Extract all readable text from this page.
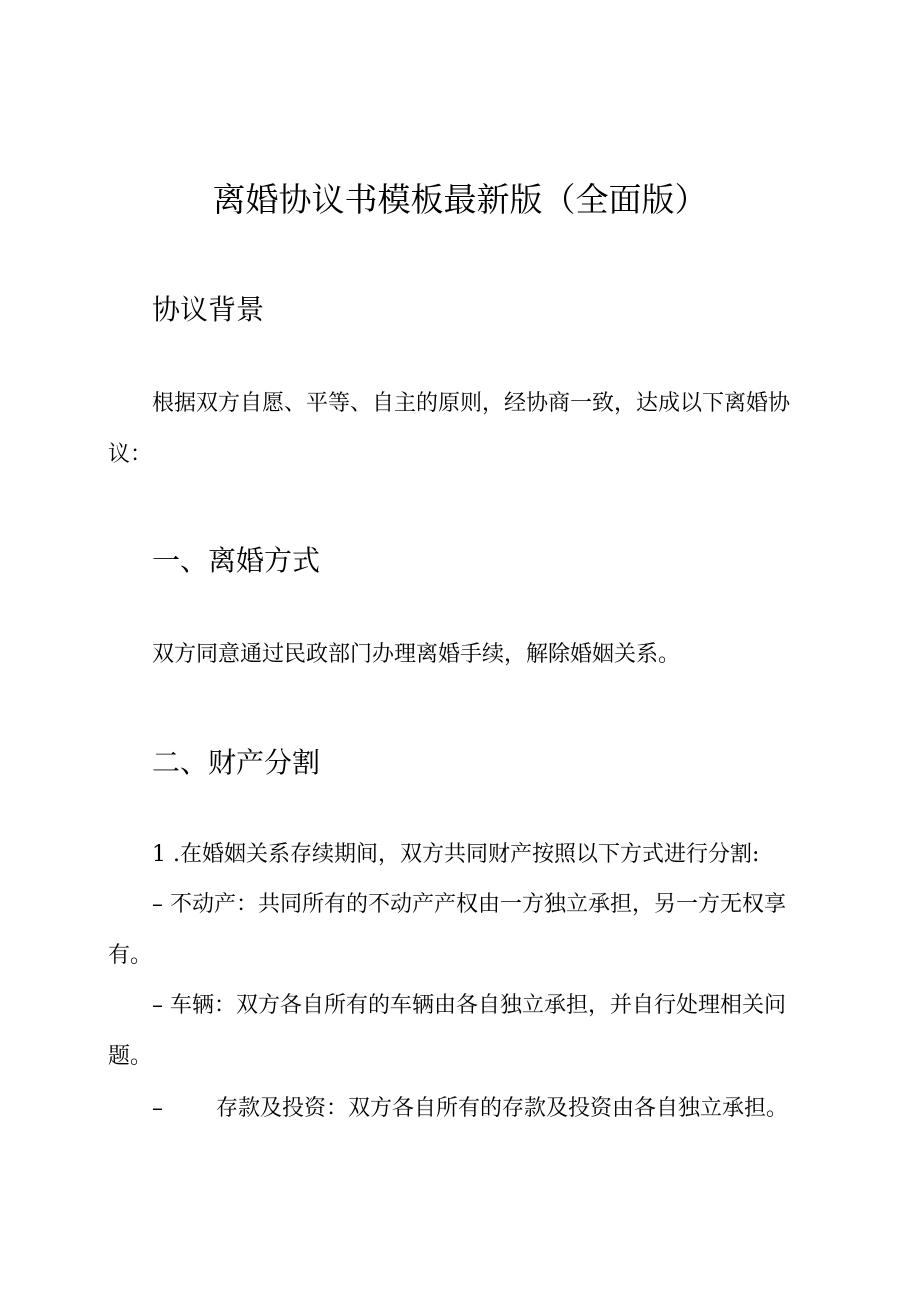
离婚协议书模板最新版（全面版）
协议背景
根据双方自愿、平等、自主的原则，经协商一致，达成以下离婚协议：
一、离婚方式
双方同意通过民政部门办理离婚手续，解除婚姻关系。
二、财产分割
1 .在婚姻关系存续期间，双方共同财产按照以下方式进行分割:
– 不动产：共同所有的不动产产权由一方独立承担，另一方无权享有。
– 车辆：双方各自所有的车辆由各自独立承担，并自行处理相关问题。
– 存款及投资：双方各自所有的存款及投资由各自独立承担。
